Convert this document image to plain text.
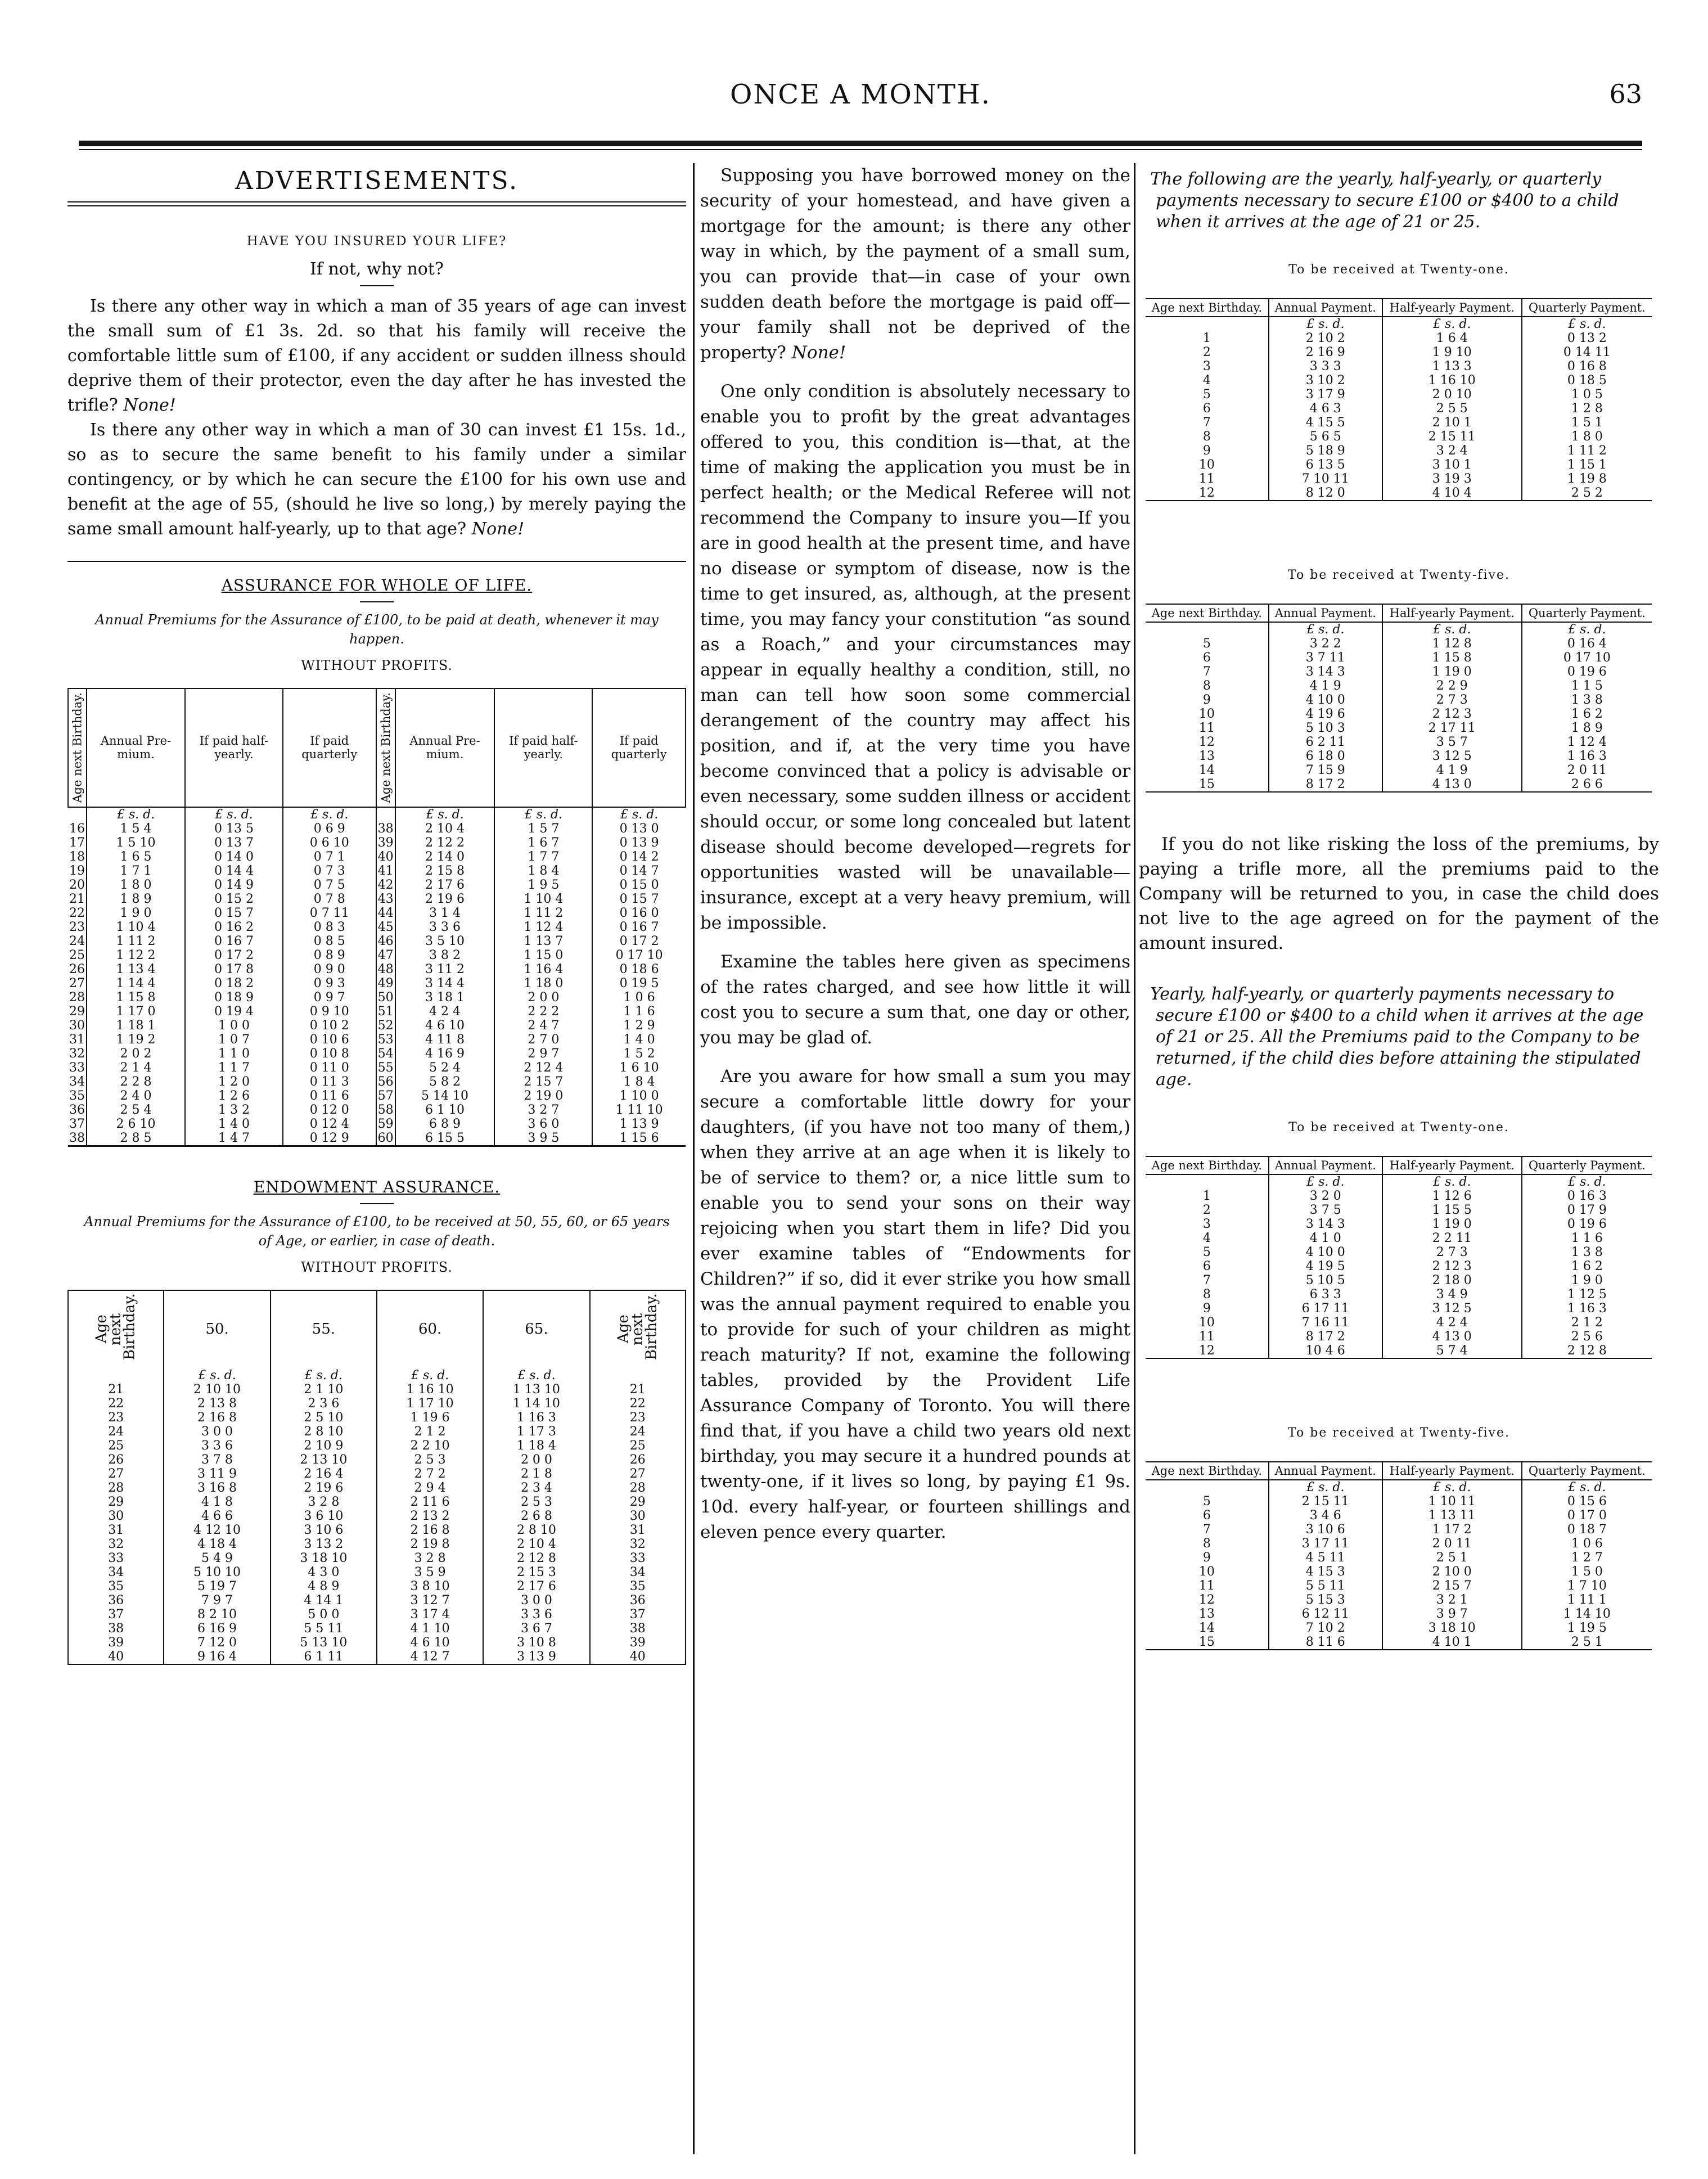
ONCE A MONTH.	63
ADVERTISEMENTS.
HAVE YOU INSURED YOUR LIFE?
If not, why not?

Is there any other way in which a man of 35 years of age can invest the small sum of £1 3s. 2d. so that his family will receive the comfortable little sum of £100, if any accident or sudden illness should deprive them of their protector, even the day after he has invested the trifle? None!

Is there any other way in which a man of 30 can invest £1 15s. 1d., so as to secure the same benefit to his family under a similar contingency, or by which he can secure the £100 for his own use and benefit at the age of 55, (should he live so long,) by merely paying the same small amount half-yearly, up to that age? None!

ASSURANCE FOR WHOLE OF LIFE.
Annual Premiums for the Assurance of £100, to be paid at death, whenever it may happen.
WITHOUT PROFITS.
Age next Birthday.	Annual Pre-mium.	If paid half-yearly.	If paid quarterly	Age next Birthday.	Annual Pre-mium.	If paid half-yearly.	If paid quarterly
	£ s. d.	£ s. d.	£ s. d.		£ s. d.	£ s. d.	£ s. d.
16	1 5 4	0 13 5	0 6 9	38	2 10 4	1 5 7	0 13 0
17	1 5 10	0 13 7	0 6 10	39	2 12 2	1 6 7	0 13 9
18	1 6 5	0 14 0	0 7 1	40	2 14 0	1 7 7	0 14 2
19	1 7 1	0 14 4	0 7 3	41	2 15 8	1 8 4	0 14 7
20	1 8 0	0 14 9	0 7 5	42	2 17 6	1 9 5	0 15 0
21	1 8 9	0 15 2	0 7 8	43	2 19 6	1 10 4	0 15 7
22	1 9 0	0 15 7	0 7 11	44	3 1 4	1 11 2	0 16 0
23	1 10 4	0 16 2	0 8 3	45	3 3 6	1 12 4	0 16 7
24	1 11 2	0 16 7	0 8 5	46	3 5 10	1 13 7	0 17 2
25	1 12 2	0 17 2	0 8 9	47	3 8 2	1 15 0	0 17 10
26	1 13 4	0 17 8	0 9 0	48	3 11 2	1 16 4	0 18 6
27	1 14 4	0 18 2	0 9 3	49	3 14 4	1 18 0	0 19 5
28	1 15 8	0 18 9	0 9 7	50	3 18 1	2 0 0	1 0 6
29	1 17 0	0 19 4	0 9 10	51	4 2 4	2 2 2	1 1 6
30	1 18 1	1 0 0	0 10 2	52	4 6 10	2 4 7	1 2 9
31	1 19 2	1 0 7	0 10 6	53	4 11 8	2 7 0	1 4 0
32	2 0 2	1 1 0	0 10 8	54	4 16 9	2 9 7	1 5 2
33	2 1 4	1 1 7	0 11 0	55	5 2 4	2 12 4	1 6 10
34	2 2 8	1 2 0	0 11 3	56	5 8 2	2 15 7	1 8 4
35	2 4 0	1 2 6	0 11 6	57	5 14 10	2 19 0	1 10 0
36	2 5 4	1 3 2	0 12 0	58	6 1 10	3 2 7	1 11 10
37	2 6 10	1 4 0	0 12 4	59	6 8 9	3 6 0	1 13 9
38	2 8 5	1 4 7	0 12 9	60	6 15 5	3 9 5	1 15 6
ENDOWMENT ASSURANCE.
Annual Premiums for the Assurance of £100, to be received at 50, 55, 60, or 65 years of Age, or earlier, in case of death.
WITHOUT PROFITS.
Age next Birthday.	50.	55.	60.	65.	Age next Birthday.
	£ s. d.	£ s. d.	£ s. d.	£ s. d.	
21	2 10 10	2 1 10	1 16 10	1 13 10	21
22	2 13 8	2 3 6	1 17 10	1 14 10	22
23	2 16 8	2 5 10	1 19 6	1 16 3	23
24	3 0 0	2 8 10	2 1 2	1 17 3	24
25	3 3 6	2 10 9	2 2 10	1 18 4	25
26	3 7 8	2 13 10	2 5 3	2 0 0	26
27	3 11 9	2 16 4	2 7 2	2 1 8	27
28	3 16 8	2 19 6	2 9 4	2 3 4	28
29	4 1 8	3 2 8	2 11 6	2 5 3	29
30	4 6 6	3 6 10	2 13 2	2 6 8	30
31	4 12 10	3 10 6	2 16 8	2 8 10	31
32	4 18 4	3 13 2	2 19 8	2 10 4	32
33	5 4 9	3 18 10	3 2 8	2 12 8	33
34	5 10 10	4 3 0	3 5 9	2 15 3	34
35	5 19 7	4 8 9	3 8 10	2 17 6	35
36	7 9 7	4 14 1	3 12 7	3 0 0	36
37	8 2 10	5 0 0	3 17 4	3 3 6	37
38	6 16 9	5 5 11	4 1 10	3 6 7	38
39	7 12 0	5 13 10	4 6 10	3 10 8	39
40	9 16 4	6 1 11	4 12 7	3 13 9	40

Supposing you have borrowed money on the security of your homestead, and have given a mortgage for the amount; is there any other way in which, by the payment of a small sum, you can provide that—in case of your own sudden death before the mortgage is paid off—your family shall not be deprived of the property? None!

One only condition is absolutely necessary to enable you to profit by the great advantages offered to you, this condition is—that, at the time of making the application you must be in perfect health; or the Medical Referee will not recommend the Company to insure you—If you are in good health at the present time, and have no disease or symptom of disease, now is the time to get insured, as, although, at the present time, you may fancy your constitution “as sound as a Roach,” and your circumstances may appear in equally healthy a condition, still, no man can tell how soon some commercial derangement of the country may affect his position, and if, at the very time you have become convinced that a policy is advisable or even necessary, some sudden illness or accident should occur, or some long concealed but latent disease should become developed—regrets for opportunities wasted will be unavailable—insurance, except at a very heavy premium, will be impossible.

Examine the tables here given as specimens of the rates charged, and see how little it will cost you to secure a sum that, one day or other, you may be glad of.

Are you aware for how small a sum you may secure a comfortable little dowry for your daughters, (if you have not too many of them,) when they arrive at an age when it is likely to be of service to them? or, a nice little sum to enable you to send your sons on their way rejoicing when you start them in life? Did you ever examine tables of “Endowments for Children?” if so, did it ever strike you how small was the annual payment required to enable you to provide for such of your children as might reach maturity? If not, examine the following tables, provided by the Provident Life Assurance Company of Toronto. You will there find that, if you have a child two years old next birthday, you may secure it a hundred pounds at twenty-one, if it lives so long, by paying £1 9s. 10d. every half-year, or fourteen shillings and eleven pence every quarter.

The following are the yearly, half-yearly, or quarterly payments necessary to secure £100 or $400 to a child when it arrives at the age of 21 or 25.
To be received at Twenty-one.
Age next Birthday.	Annual Payment.	Half-yearly Payment.	Quarterly Payment.
	£ s. d.	£ s. d.	£ s. d.
1	2 10 2	1 6 4	0 13 2
2	2 16 9	1 9 10	0 14 11
3	3 3 3	1 13 3	0 16 8
4	3 10 2	1 16 10	0 18 5
5	3 17 9	2 0 10	1 0 5
6	4 6 3	2 5 5	1 2 8
7	4 15 5	2 10 1	1 5 1
8	5 6 5	2 15 11	1 8 0
9	5 18 9	3 2 4	1 11 2
10	6 13 5	3 10 1	1 15 1
11	7 10 11	3 19 3	1 19 8
12	8 12 0	4 10 4	2 5 2
To be received at Twenty-five.
Age next Birthday.	Annual Payment.	Half-yearly Payment.	Quarterly Payment.
	£ s. d.	£ s. d.	£ s. d.
5	3 2 2	1 12 8	0 16 4
6	3 7 11	1 15 8	0 17 10
7	3 14 3	1 19 0	0 19 6
8	4 1 9	2 2 9	1 1 5
9	4 10 0	2 7 3	1 3 8
10	4 19 6	2 12 3	1 6 2
11	5 10 3	2 17 11	1 8 9
12	6 2 11	3 5 7	1 12 4
13	6 18 0	3 12 5	1 16 3
14	7 15 9	4 1 9	2 0 11
15	8 17 2	4 13 0	2 6 6

If you do not like risking the loss of the premiums, by paying a trifle more, all the premiums paid to the Company will be returned to you, in case the child does not live to the age agreed on for the payment of the amount insured.

Yearly, half-yearly, or quarterly payments necessary to secure £100 or $400 to a child when it arrives at the age of 21 or 25. All the Premiums paid to the Company to be returned, if the child dies before attaining the stipulated age.
To be received at Twenty-one.
Age next Birthday.	Annual Payment.	Half-yearly Payment.	Quarterly Payment.
	£ s. d.	£ s. d.	£ s. d.
1	3 2 0	1 12 6	0 16 3
2	3 7 5	1 15 5	0 17 9
3	3 14 3	1 19 0	0 19 6
4	4 1 0	2 2 11	1 1 6
5	4 10 0	2 7 3	1 3 8
6	4 19 5	2 12 3	1 6 2
7	5 10 5	2 18 0	1 9 0
8	6 3 3	3 4 9	1 12 5
9	6 17 11	3 12 5	1 16 3
10	7 16 11	4 2 4	2 1 2
11	8 17 2	4 13 0	2 5 6
12	10 4 6	5 7 4	2 12 8
To be received at Twenty-five.
Age next Birthday.	Annual Payment.	Half-yearly Payment.	Quarterly Payment.
	£ s. d.	£ s. d.	£ s. d.
5	2 15 11	1 10 11	0 15 6
6	3 4 6	1 13 11	0 17 0
7	3 10 6	1 17 2	0 18 7
8	3 17 11	2 0 11	1 0 6
9	4 5 11	2 5 1	1 2 7
10	4 15 3	2 10 0	1 5 0
11	5 5 11	2 15 7	1 7 10
12	5 15 3	3 2 1	1 11 1
13	6 12 11	3 9 7	1 14 10
14	7 10 2	3 18 10	1 19 5
15	8 11 6	4 10 1	2 5 1
